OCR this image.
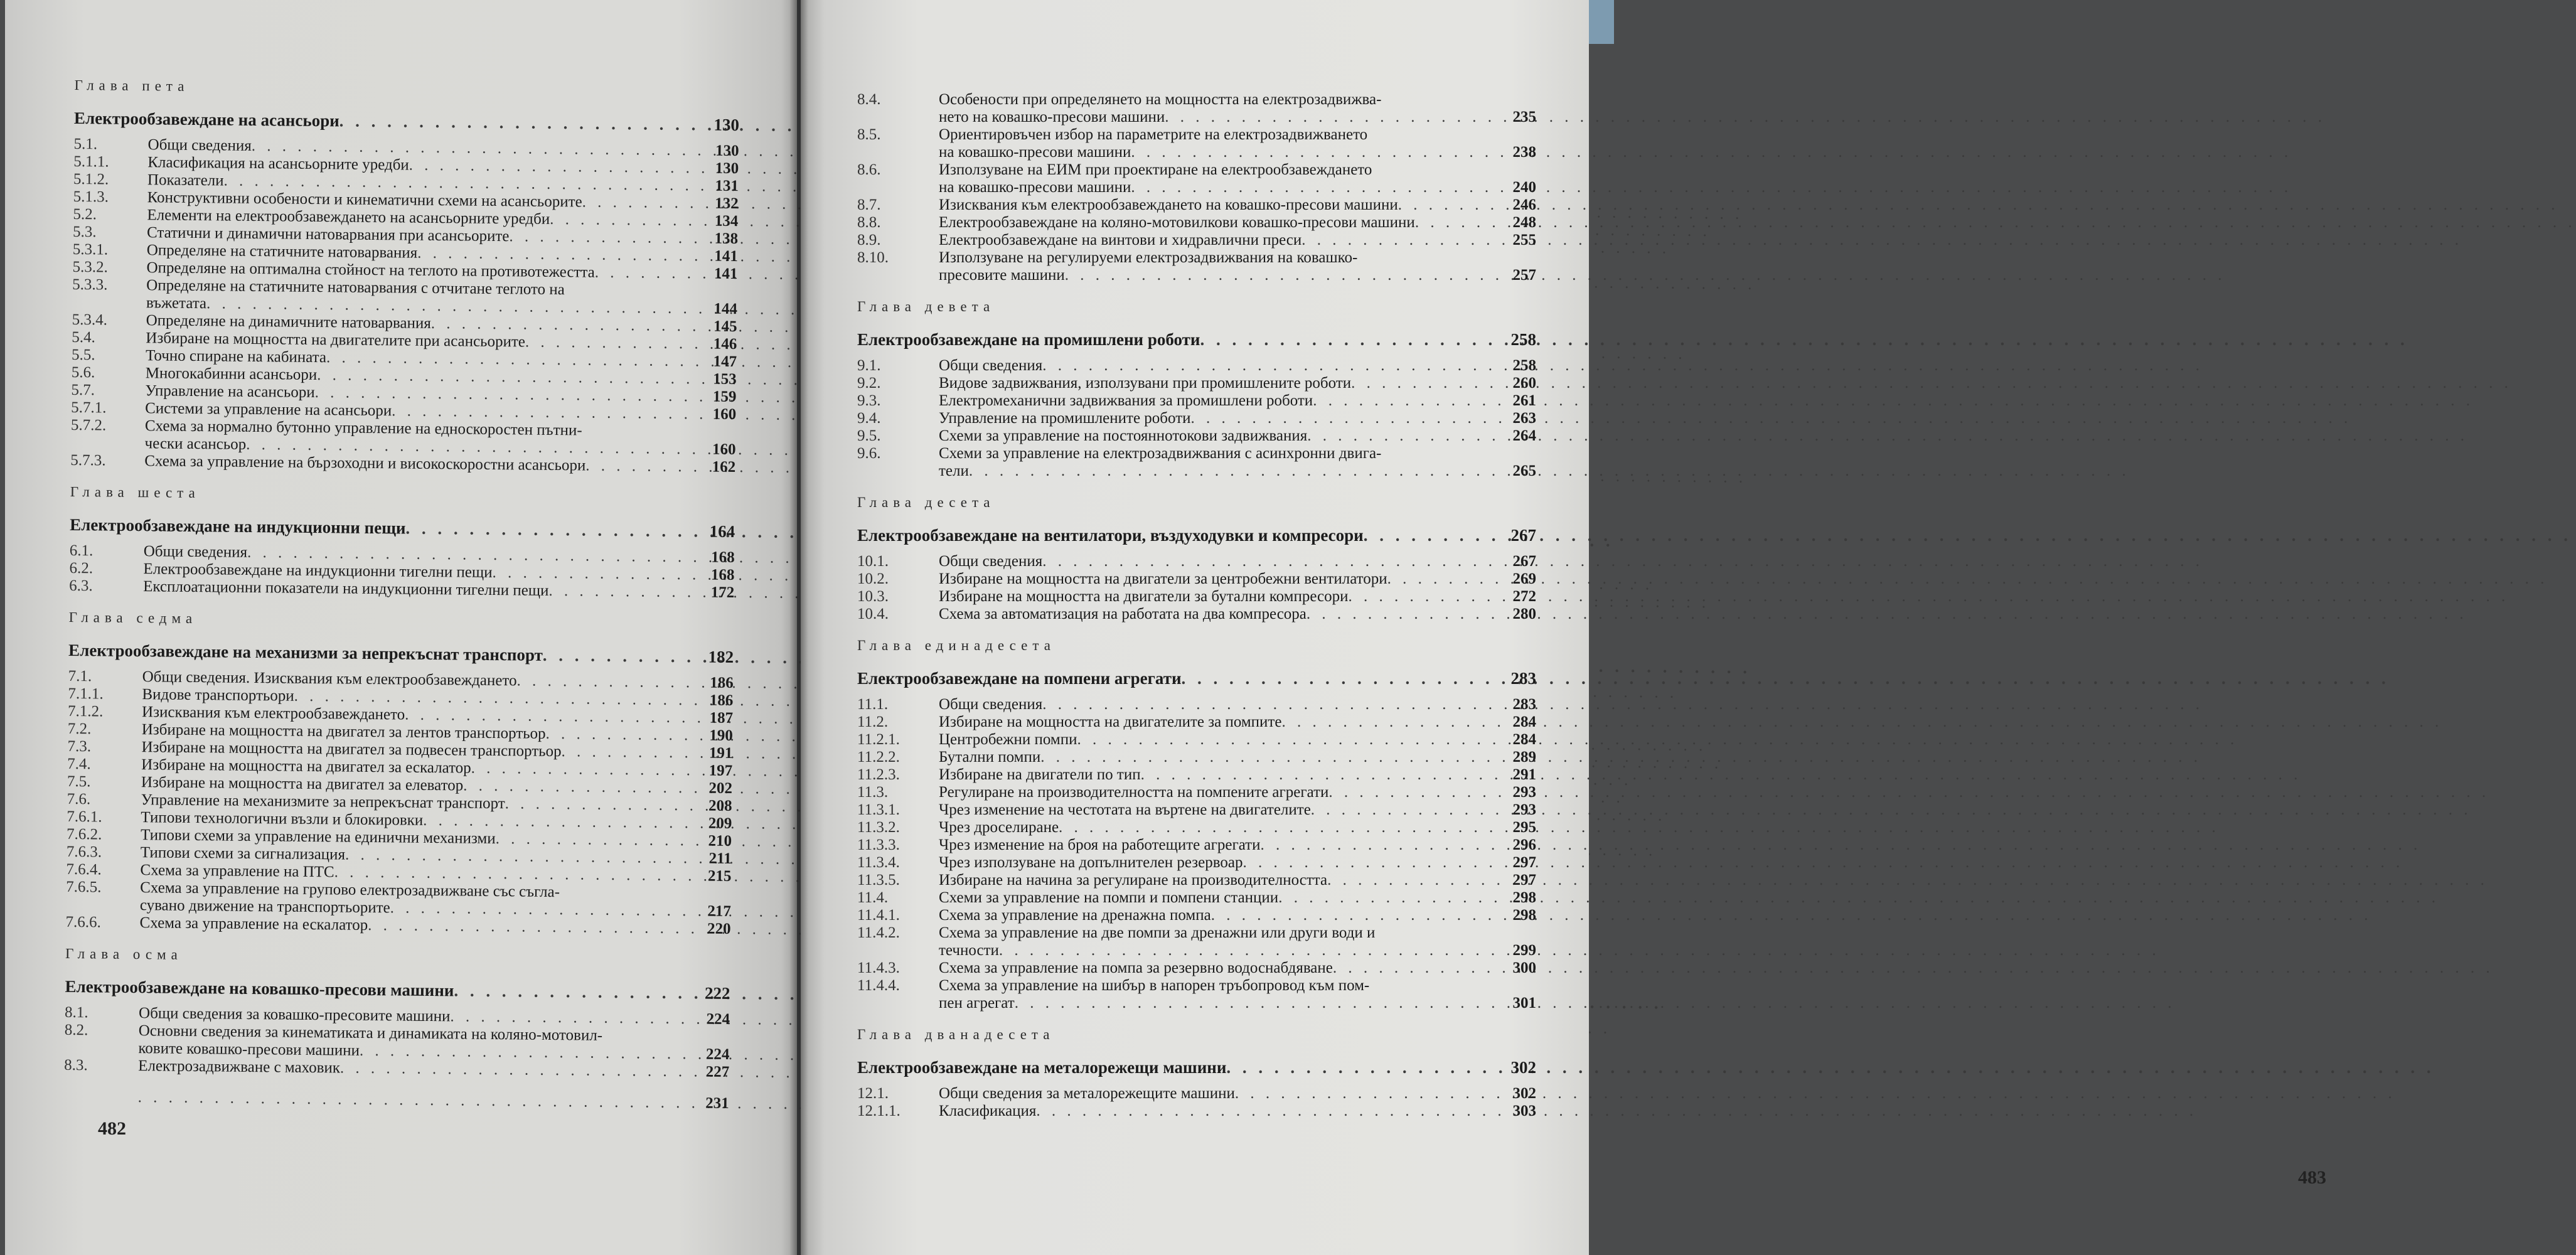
Глава пета
Електрообзавеждане на асансьори . . .	130
5.1.	Общи сведения . . .	130
5.1.1.	Класификация на асансьорните уредби . . .	130
5.1.2.	Показатели . . .	131
5.1.3.	Конструктивни особености и кинематични схеми на асансьорите . . .	132
5.2.	Елементи на електрообзавеждането на асансьорните уредби . . .	134
5.3.	Статични и динамични натоварвания при асансьорите . . .	138
5.3.1.	Определяне на статичните натоварвания . . .	141
5.3.2.	Определяне на оптимална стойност на теглото на противотежестта . . .	141
5.3.3.	Определяне на статичните натоварвания с отчитане теглото на
въжетата . . .	144
5.3.4.	Определяне на динамичните натоварвания . . .	145
5.4.	Избиране на мощността на двигателите при асансьорите . . .	146
5.5.	Точно спиране на кабината . . .	147
5.6.	Многокабинни асансьори . . .	153
5.7.	Управление на асансьори . . .	159
5.7.1.	Системи за управление на асансьори . . .	160
5.7.2.	Схема за нормално бутонно управление на едноскоростен пътни-
чески асансьор . . .	160
5.7.3.	Схема за управление на бързоходни и високоскоростни асансьори . . .	162
Глава шеста
Електрообзавеждане на индукционни пещи . . .	164
6.1.	Общи сведения . . .	168
6.2.	Електрообзавеждане на индукционни тигелни пещи . . .	168
6.3.	Експлоатационни показатели на индукционни тигелни пещи . . .	172
Глава седма
Електрообзавеждане на механизми за непрекъснат транспорт . . .	182
7.1.	Общи сведения. Изисквания към електрообзавеждането . . .	186
7.1.1.	Видове транспортьори . . .	186
7.1.2.	Изисквания към електрообзавеждането . . .	187
7.2.	Избиране на мощността на двигател за лентов транспортьор . . .	190
7.3.	Избиране на мощността на двигател за подвесен транспортьор . . .	191
7.4.	Избиране на мощността на двигател за ескалатор . . .	197
7.5.	Избиране на мощността на двигател за елеватор . . .	202
7.6.	Управление на механизмите за непрекъснат транспорт . . .	208
7.6.1.	Типови технологични възли и блокировки . . .	209
7.6.2.	Типови схеми за управление на единични механизми . . .	210
7.6.3.	Типови схеми за сигнализация . . .	211
7.6.4.	Схема за управление на ПТС . . .	215
7.6.5.	Схема за управление на групово електрозадвижване със съгла-
сувано движение на транспортьорите . . .	217
7.6.6.	Схема за управление на ескалатор . . .	220
Глава осма
Електрообзавеждане на ковашко-пресови машини . . .	222
8.1.	Общи сведения за ковашко-пресовите машини . . .	224
8.2.	Основни сведения за кинематиката и динамиката на коляно-мотовил-
ковите ковашко-пресови машини . . .	224
8.3.	Електрозадвижване с маховик . . .	227
. . .
231
482
8.4.	Особености при определянето на мощността на електрозадвижва-
нето на ковашко-пресови машини . . .	235
8.5.	Ориентировъчен избор на параметрите на електрозадвижването
на ковашко-пресови машини . . .	238
8.6.	Използуване на ЕИМ при проектиране на електрообзавеждането
на ковашко-пресови машини . . .	240
8.7.	Изисквания към електрообзавеждането на ковашко-пресови машини . . .	246
8.8.	Електрообзавеждане на коляно-мотовилкови ковашко-пресови машини . . .	248
8.9.	Електрообзавеждане на винтови и хидравлични преси . . .	255
8.10.	Използуване на регулируеми електрозадвижвания на ковашко-
пресовите машини . . .	257
Глава девета
Електрообзавеждане на промишлени роботи . . .	258
9.1.	Общи сведения . . .	258
9.2.	Видове задвижвания, използувани при промишлените роботи . . .	260
9.3.	Електромеханични задвижвания за промишлени роботи . . .	261
9.4.	Управление на промишлените роботи . . .	263
9.5.	Схеми за управление на постояннотокови задвижвания . . .	264
9.6.	Схеми за управление на електрозадвижвания с асинхронни двига-
тели . . .	265
Глава десета
Електрообзавеждане на вентилатори, въздуходувки и компресори . . .	267
10.1.	Общи сведения . . .	267
10.2.	Избиране на мощността на двигатели за центробежни вентилатори . . .	269
10.3.	Избиране на мощността на двигатели за бутални компресори . . .	272
10.4.	Схема за автоматизация на работата на два компресора . . .	280
Глава единадесета
Електрообзавеждане на помпени агрегати . . .	283
11.1.	Общи сведения . . .	283
11.2.	Избиране на мощността на двигателите за помпите . . .	284
11.2.1.	Центробежни помпи . . .	284
11.2.2.	Бутални помпи . . .	289
11.2.3.	Избиране на двигатели по тип . . .	291
11.3.	Регулиране на производителността на помпените агрегати . . .	293
11.3.1.	Чрез изменение на честотата на въртене на двигателите . . .	293
11.3.2.	Чрез дроселиране . . .	295
11.3.3.	Чрез изменение на броя на работещите агрегати . . .	296
11.3.4.	Чрез използуване на допълнителен резервоар . . .	297
11.3.5.	Избиране на начина за регулиране на производителността . . .	297
11.4.	Схеми за управление на помпи и помпени станции . . .	298
11.4.1.	Схема за управление на дренажна помпа . . .	298
11.4.2.	Схема за управление на две помпи за дренажни или други води и
течности . . .	299
11.4.3.	Схема за управление на помпа за резервно водоснабдяване . . .	300
11.4.4.	Схема за управление на шибър в напорен тръбопровод към пом-
пен агрегат . . .	301
Глава дванадесета
Електрообзавеждане на металорежещи машини . . .	302
12.1.	Общи сведения за металорежещите машини . . .	302
12.1.1.	Класификация . . .	303
483
